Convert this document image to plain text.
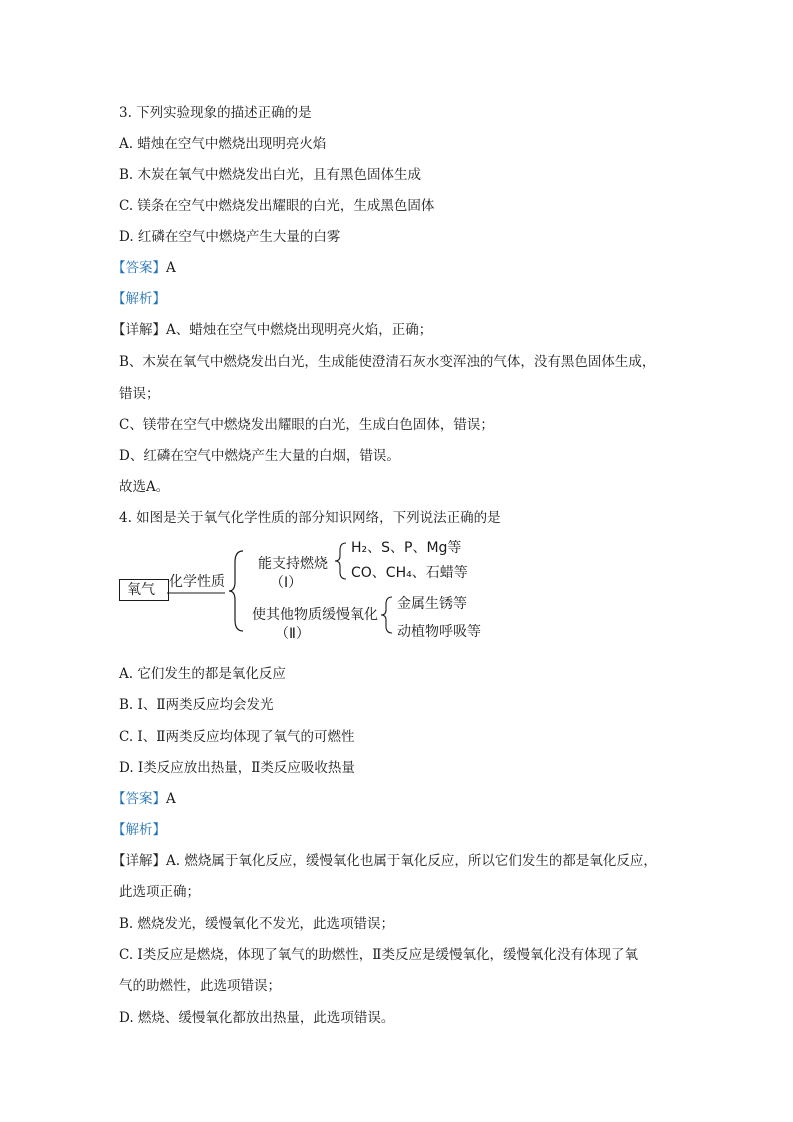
3. 下列实验现象的描述正确的是
A. 蜡烛在空气中燃烧出现明亮火焰
B. 木炭在氧气中燃烧发出白光，且有黑色固体生成
C. 镁条在空气中燃烧发出耀眼的白光，生成黑色固体
D. 红磷在空气中燃烧产生大量的白雾
【答案】A
【解析】
【详解】A、蜡烛在空气中燃烧出现明亮火焰，正确；
B、木炭在氧气中燃烧发出白光，生成能使澄清石灰水变浑浊的气体，没有黑色固体生成，
错误；
C、镁带在空气中燃烧发出耀眼的白光，生成白色固体，错误；
D、红磷在空气中燃烧产生大量的白烟，错误。
故选A。
4. 如图是关于氧气化学性质的部分知识网络，下列说法正确的是
氧气 化学性质
能支持燃烧
（Ⅰ）
H₂、S、P、Mg等
CO、CH₄、石蜡等
使其他物质缓慢氧化
（Ⅱ）
金属生锈等
动植物呼吸等
A. 它们发生的都是氧化反应
B. Ⅰ、Ⅱ两类反应均会发光
C. Ⅰ、Ⅱ两类反应均体现了氧气的可燃性
D. Ⅰ类反应放出热量，Ⅱ类反应吸收热量
【答案】A
【解析】
【详解】A. 燃烧属于氧化反应，缓慢氧化也属于氧化反应，所以它们发生的都是氧化反应，
此选项正确；
B. 燃烧发光，缓慢氧化不发光，此选项错误；
C. Ⅰ类反应是燃烧，体现了氧气的助燃性，Ⅱ类反应是缓慢氧化，缓慢氧化没有体现了氧
气的助燃性，此选项错误；
D. 燃烧、缓慢氧化都放出热量，此选项错误。
